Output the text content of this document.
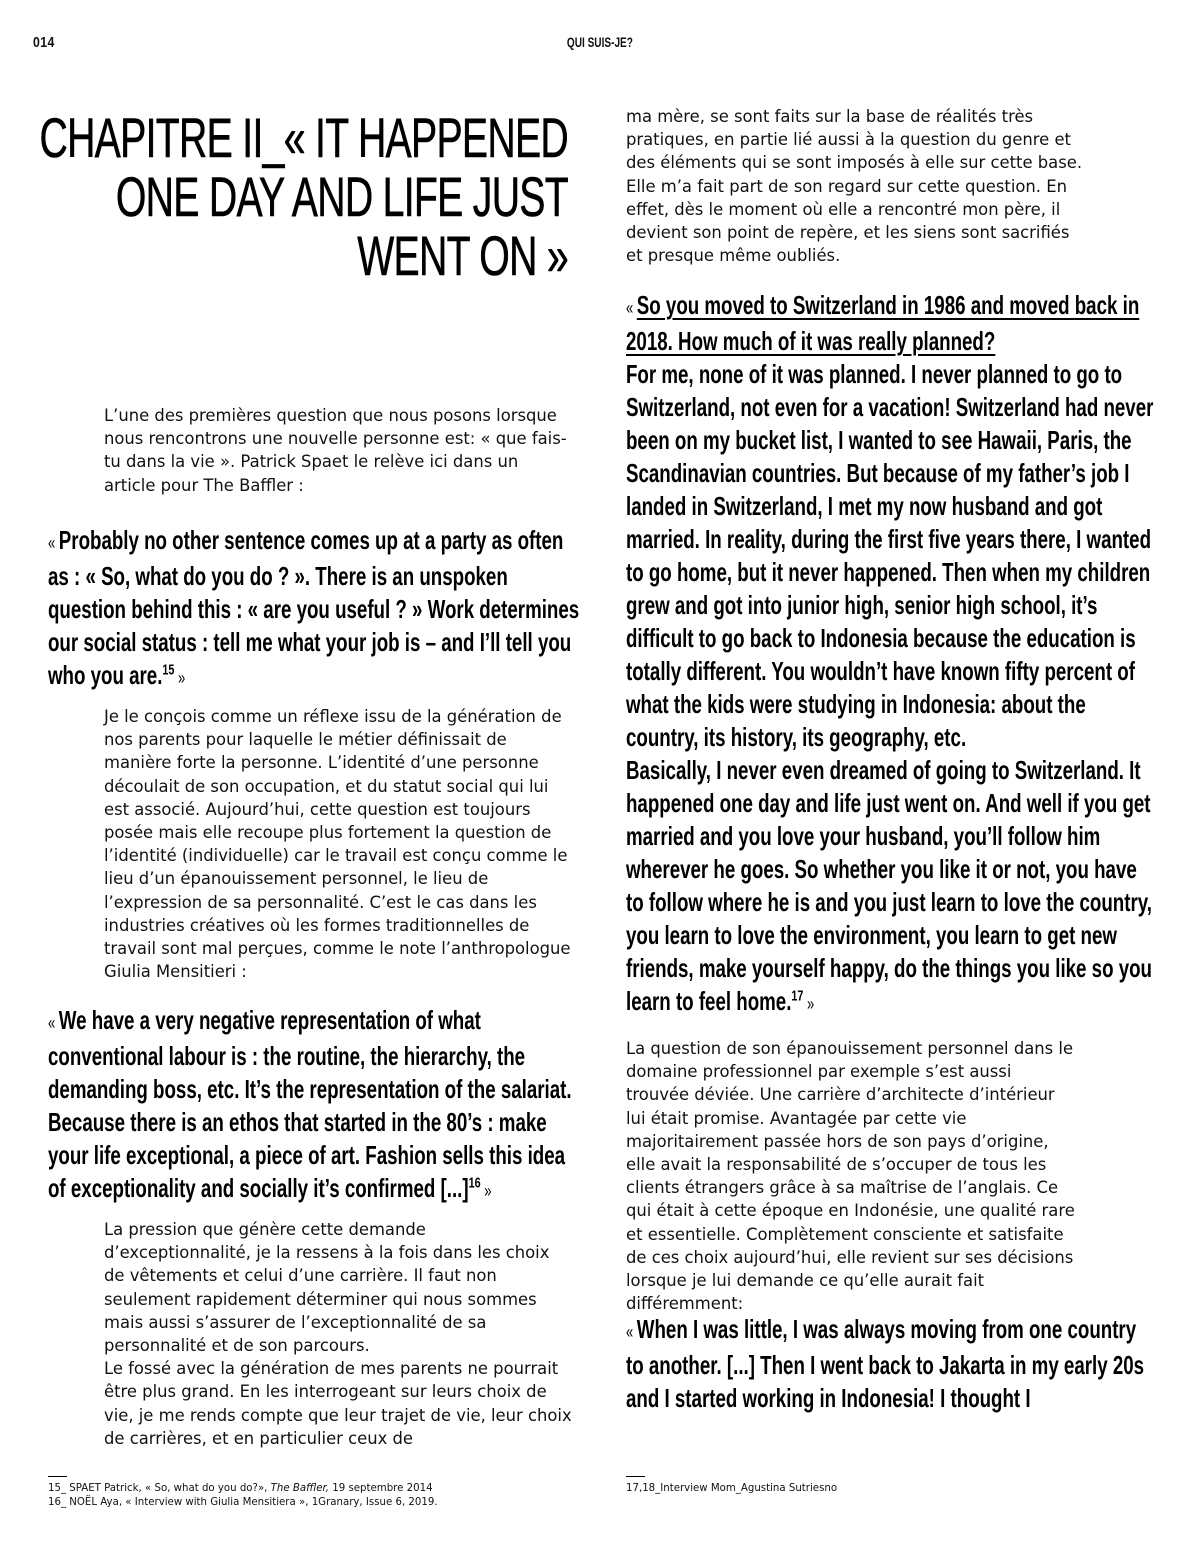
014	QUI SUIS-JE?
CHAPITRE II_« IT HAPPENED ONE DAY AND LIFE JUST WENT ON »
L’une des premières question que nous posons lorsque nous rencontrons une nouvelle personne est: « que fais-tu dans la vie ». Patrick Spaet le relève ici dans un article pour The Baffler :
« Probably no other sentence comes up at a party as often as : « So, what do you do ? ». There is an unspoken question behind this : « are you useful ? » Work determines our social status : tell me what your job is – and I’ll tell you who you are.$^{15}$ »
Je le conçois comme un réflexe issu de la génération de nos parents pour laquelle le métier définissait de manière forte la personne. L’identité d’une personne découlait de son occupation, et du statut social qui lui est associé. Aujourd’hui, cette question est toujours posée mais elle recoupe plus fortement la question de l’identité (individuelle) car le travail est conçu comme le lieu d’un épanouissement personnel, le lieu de l’expression de sa personnalité. C’est le cas dans les industries créatives où les formes traditionnelles de travail sont mal perçues, comme le note l’anthropologue Giulia Mensitieri :
« We have a very negative representation of what conventional labour is : the routine, the hierarchy, the demanding boss, etc. It’s the representation of the salariat. Because there is an ethos that started in the 80’s : make your life exceptional, a piece of art. Fashion sells this idea of exceptionality and socially it’s confirmed [...]$^{16}$ »
La pression que génère cette demande d’exceptionnalité, je la ressens à la fois dans les choix de vêtements et celui d’une carrière. Il faut non seulement rapidement déterminer qui nous sommes mais aussi s’assurer de l’exceptionnalité de sa personnalité et de son parcours.
Le fossé avec la génération de mes parents ne pourrait être plus grand. En les interrogeant sur leurs choix de vie, je me rends compte que leur trajet de vie, leur choix de carrières, et en particulier ceux de
ma mère, se sont faits sur la base de réalités très pratiques, en partie lié aussi à la question du genre et des éléments qui se sont imposés à elle sur cette base. Elle m’a fait part de son regard sur cette question. En effet, dès le moment où elle a rencontré mon père, il devient son point de repère, et les siens sont sacrifiés et presque même oubliés.
« So you moved to Switzerland in 1986 and moved back in 2018. How much of it was really planned?
For me, none of it was planned. I never planned to go to Switzerland, not even for a vacation! Switzerland had never been on my bucket list, I wanted to see Hawaii, Paris, the Scandinavian countries. But because of my father’s job I landed in Switzerland, I met my now husband and got married. In reality, during the first five years there, I wanted to go home, but it never happened. Then when my children grew and got into junior high, senior high school, it’s difficult to go back to Indonesia because the education is totally different. You wouldn’t have known fifty percent of what the kids were studying in Indonesia: about the country, its history, its geography, etc.
Basically, I never even dreamed of going to Switzerland. It happened one day and life just went on. And well if you get married and you love your husband, you’ll follow him wherever he goes. So whether you like it or not, you have to follow where he is and you just learn to love the country, you learn to love the environment, you learn to get new friends, make yourself happy, do the things you like so you learn to feel home.$^{17}$ »
La question de son épanouissement personnel dans le domaine professionnel par exemple s’est aussi trouvée déviée. Une carrière d’architecte d’intérieur lui était promise. Avantagée par cette vie majoritairement passée hors de son pays d’origine, elle avait la responsabilité de s’occuper de tous les clients étrangers grâce à sa maîtrise de l’anglais. Ce qui était à cette époque en Indonésie, une qualité rare et essentielle. Complètement consciente et satisfaite de ces choix aujourd’hui, elle revient sur ses décisions lorsque je lui demande ce qu’elle aurait fait différemment:
« When I was little, I was always moving from one country to another. [...] Then I went back to Jakarta in my early 20s and I started working in Indonesia! I thought I
15_ SPAET Patrick, « So, what do you do?», The Baffler, 19 septembre 2014
16_ NOËL Aya, « Interview with Giulia Mensitiera », 1Granary, Issue 6, 2019.
17,18_Interview Mom_Agustina Sutriesno
